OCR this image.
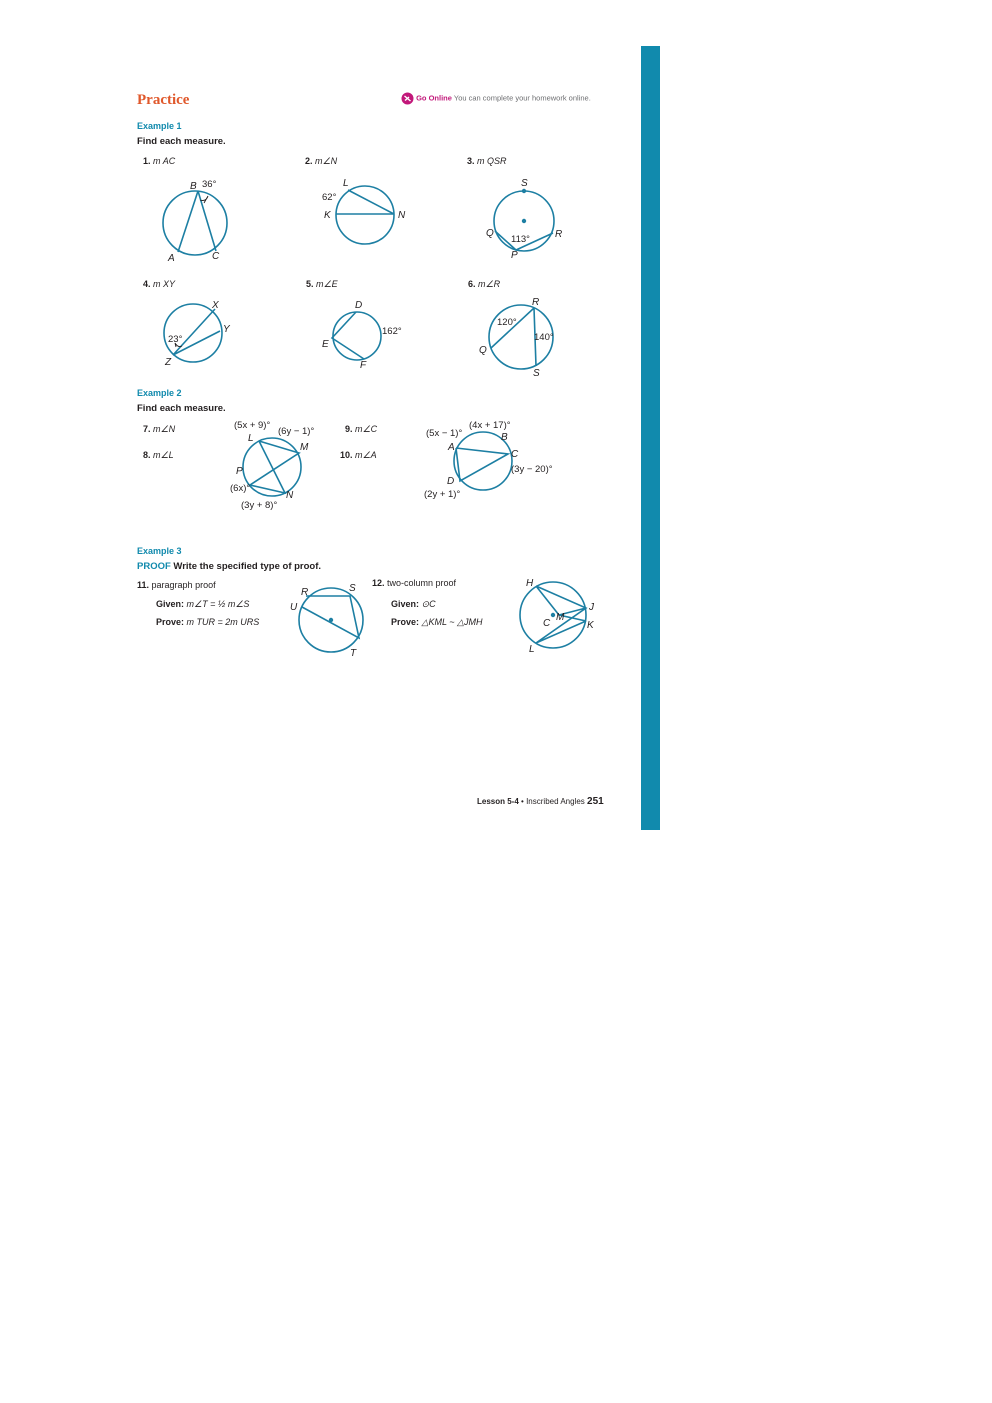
Practice	Go Online You can complete your homework online.
Example 1
Find each measure.
1. m AC	2. m∠N	3. m QSR
B 36°
A	C
L
62°
K	N
S
Q
113°	R
P
4. m XY	5. m∠E	6. m∠R
X
Y
23°
Z
D
162°
E
F
R
120°
140°
Q
S
Example 2
Find each measure.
7. m∠N
8. m∠L
9. m∠C
10. m∠A
(5x + 9)°
L
(6y − 1)°
M
P
(6x)°
N
(3y + 8)°
(5x − 1)°
(4x + 17)°
B
A
C
(3y − 20)°
D
(2y + 1)°
Example 3
PROOF Write the specified type of proof.
11. paragraph proof
Given: m∠T = ½ m∠S
Prove: m TUR = 2m URS
R	S
U
T
12. two-column proof
Given: ⊙C
Prove: △KML ~ △JMH
H
J
C
M
K
L
Lesson 5-4 • Inscribed Angles 251
